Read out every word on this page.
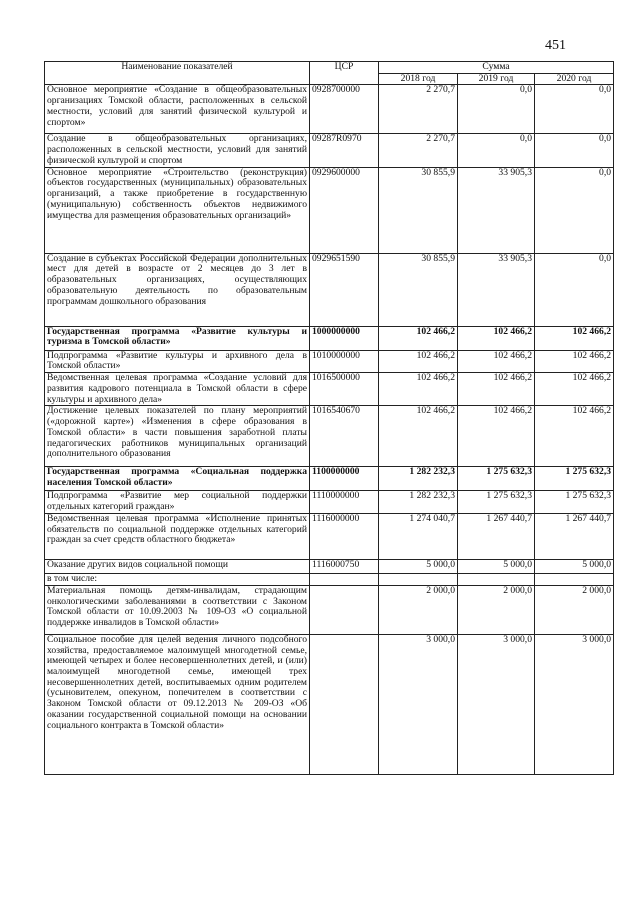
451
Наименование показателей	ЦСР	Сумма		
		2018 год	2019 год	2020 год
Основное мероприятие «Создание в общеобразовательных организациях Томской области, расположенных в сельской местности, условий для занятий физической культурой и спортом»	0928700000	2 270,7	0,0	0,0
Создание в общеобразовательных организациях, расположенных в сельской местности, условий для занятий физической культурой и спортом	09287R0970	2 270,7	0,0	0,0
Основное мероприятие «Строительство (реконструкция) объектов государственных (муниципальных) образовательных организаций, а также приобретение в государственную (муниципальную) собственность объектов недвижимого имущества для размещения образовательных организаций»	0929600000	30 855,9	33 905,3	0,0
Создание в субъектах Российской Федерации дополнительных мест для детей в возрасте от 2 месяцев до 3 лет в образовательных организациях, осуществляющих образовательную деятельность по образовательным программам дошкольного образования	0929651590	30 855,9	33 905,3	0,0
Государственная программа «Развитие культуры и туризма в Томской области»	1000000000	102 466,2	102 466,2	102 466,2
Подпрограмма «Развитие культуры и архивного дела в Томской области»	1010000000	102 466,2	102 466,2	102 466,2
Ведомственная целевая программа «Создание условий для развития кадрового потенциала в Томской области в сфере культуры и архивного дела»	1016500000	102 466,2	102 466,2	102 466,2
Достижение целевых показателей по плану мероприятий («дорожной карте») «Изменения в сфере образования в Томской области» в части повышения заработной платы педагогических работников муниципальных организаций дополнительного образования	1016540670	102 466,2	102 466,2	102 466,2
Государственная программа «Социальная поддержка населения Томской области»	1100000000	1 282 232,3	1 275 632,3	1 275 632,3
Подпрограмма «Развитие мер социальной поддержки отдельных категорий граждан»	1110000000	1 282 232,3	1 275 632,3	1 275 632,3
Ведомственная целевая программа «Исполнение принятых обязательств по социальной поддержке отдельных категорий граждан за счет средств областного бюджета»	1116000000	1 274 040,7	1 267 440,7	1 267 440,7
Оказание других видов социальной помощи	1116000750	5 000,0	5 000,0	5 000,0
в том числе:				
Материальная помощь детям-инвалидам, страдающим онкологическими заболеваниями в соответствии с Законом Томской области от 10.09.2003 № 109-ОЗ «О социальной поддержке инвалидов в Томской области»		2 000,0	2 000,0	2 000,0
Социальное пособие для целей ведения личного подсобного хозяйства, предоставляемое малоимущей многодетной семье, имеющей четырех и более несовершеннолетних детей, и (или) малоимущей многодетной семье, имеющей трех несовершеннолетних детей, воспитываемых одним родителем (усыновителем, опекуном, попечителем в соответствии с Законом Томской области от 09.12.2013 № 209-ОЗ «Об оказании государственной социальной помощи на основании социального контракта в Томской области»		3 000,0	3 000,0	3 000,0
